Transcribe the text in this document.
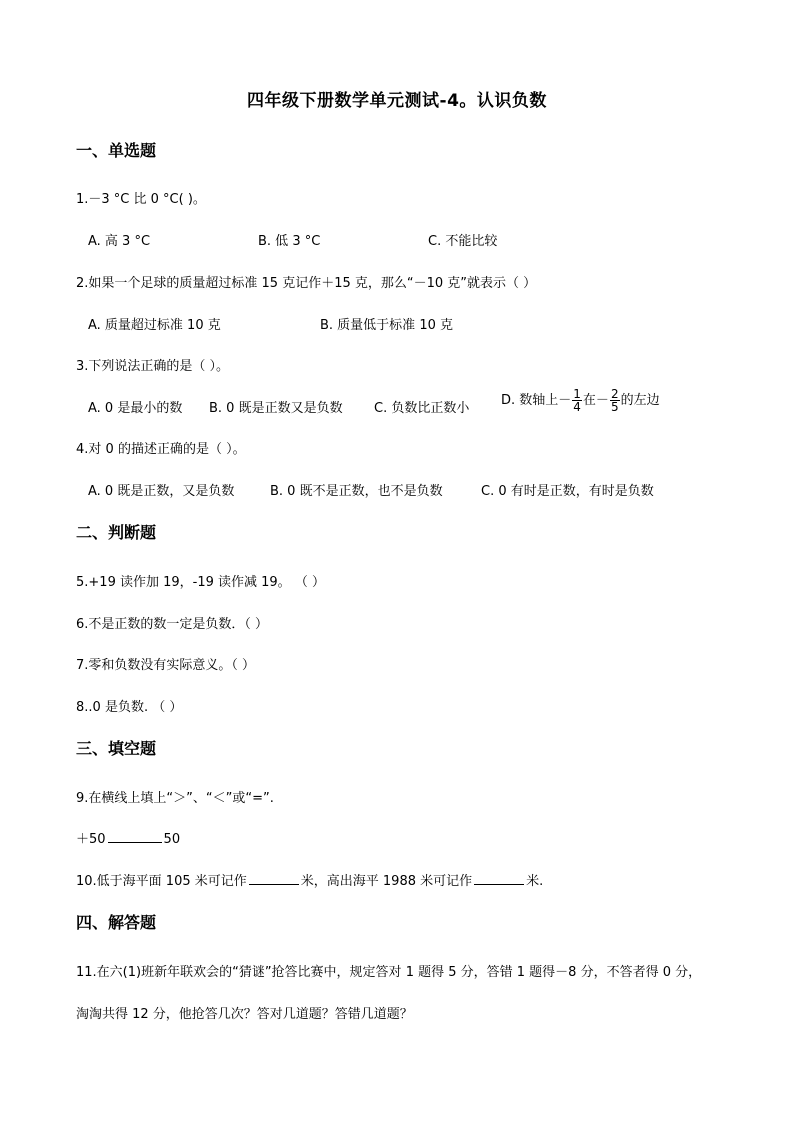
四年级下册数学单元测试-4。认识负数
一、单选题
1.－3 °C 比 0 °C( )。
A. 高 3 °C	B. 低 3 °C	C. 不能比较
2.如果一个足球的质量超过标准 15 克记作＋15 克，那么“－10 克”就表示（ ）
A. 质量超过标准 10 克	B. 质量低于标准 10 克
3.下列说法正确的是（ ）。
A. 0 是最小的数 B. 0 既是正数又是负数 C. 负数比正数小
D. 数轴上－ $\frac{1}{4}$ 在－ $\frac{2}{5}$ 的左边
4.对 0 的描述正确的是（ ）。
A. 0 既是正数，又是负数	B. 0 既不是正数，也不是负数	C. 0 有时是正数，有时是负数
二、判断题
5.+19 读作加 19，-19 读作减 19。 （ ）
6.不是正数的数一定是负数．（ ）
7.零和负数没有实际意义。（ ）
8..0 是负数. （ ）
三、填空题
9.在横线上填上“＞”、“＜”或“=”.
＋50	50
10.低于海平面 105 米可记作	米，高出海平 1988 米可记作	米.
四、解答题
11.在六(1)班新年联欢会的“猜谜”抢答比赛中，规定答对 1 题得 5 分，答错 1 题得－8 分，不答者得 0 分，
淘淘共得 12 分，他抢答几次？答对几道题？答错几道题？
